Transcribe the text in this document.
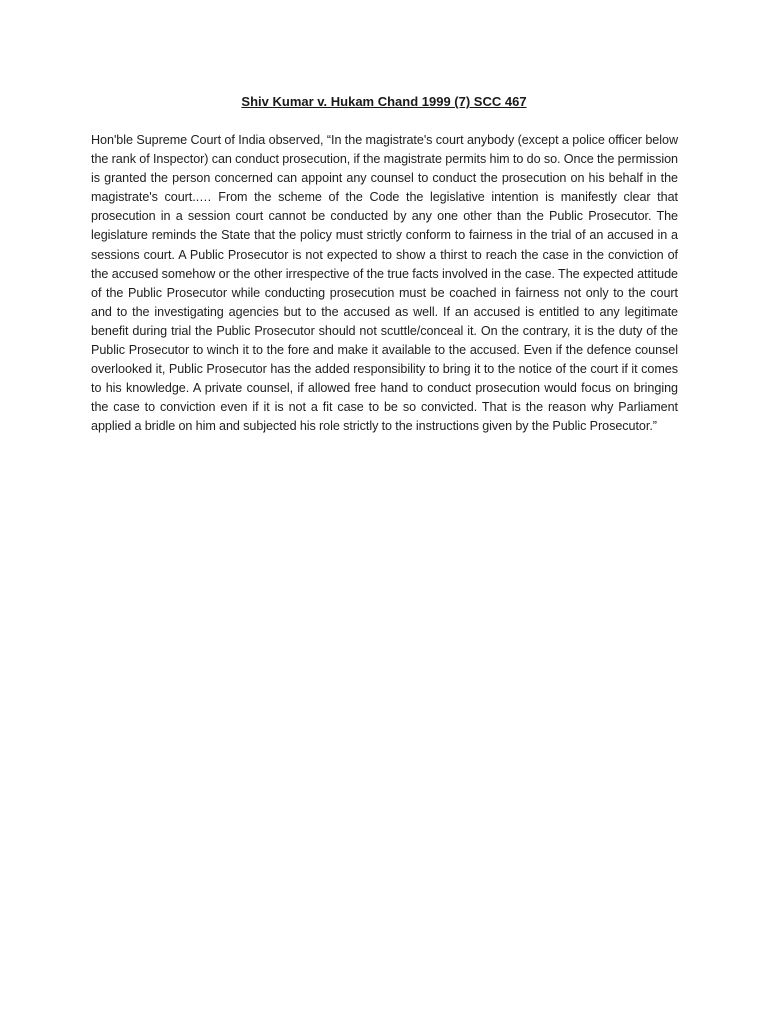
Shiv Kumar v. Hukam Chand 1999 (7) SCC 467

Hon'ble Supreme Court of India observed, “In the magistrate's court anybody (except a police officer below the rank of Inspector) can conduct prosecution, if the magistrate permits him to do so. Once the permission is granted the person concerned can appoint any counsel to conduct the prosecution on his behalf in the magistrate's court..… From the scheme of the Code the legislative intention is manifestly clear that prosecution in a session court cannot be conducted by any one other than the Public Prosecutor. The legislature reminds the State that the policy must strictly conform to fairness in the trial of an accused in a sessions court. A Public Prosecutor is not expected to show a thirst to reach the case in the conviction of the accused somehow or the other irrespective of the true facts involved in the case. The expected attitude of the Public Prosecutor while conducting prosecution must be coached in fairness not only to the court and to the investigating agencies but to the accused as well. If an accused is entitled to any legitimate benefit during trial the Public Prosecutor should not scuttle/conceal it. On the contrary, it is the duty of the Public Prosecutor to winch it to the fore and make it available to the accused. Even if the defence counsel overlooked it, Public Prosecutor has the added responsibility to bring it to the notice of the court if it comes to his knowledge. A private counsel, if allowed free hand to conduct prosecution would focus on bringing the case to conviction even if it is not a fit case to be so convicted. That is the reason why Parliament applied a bridle on him and subjected his role strictly to the instructions given by the Public Prosecutor.”
